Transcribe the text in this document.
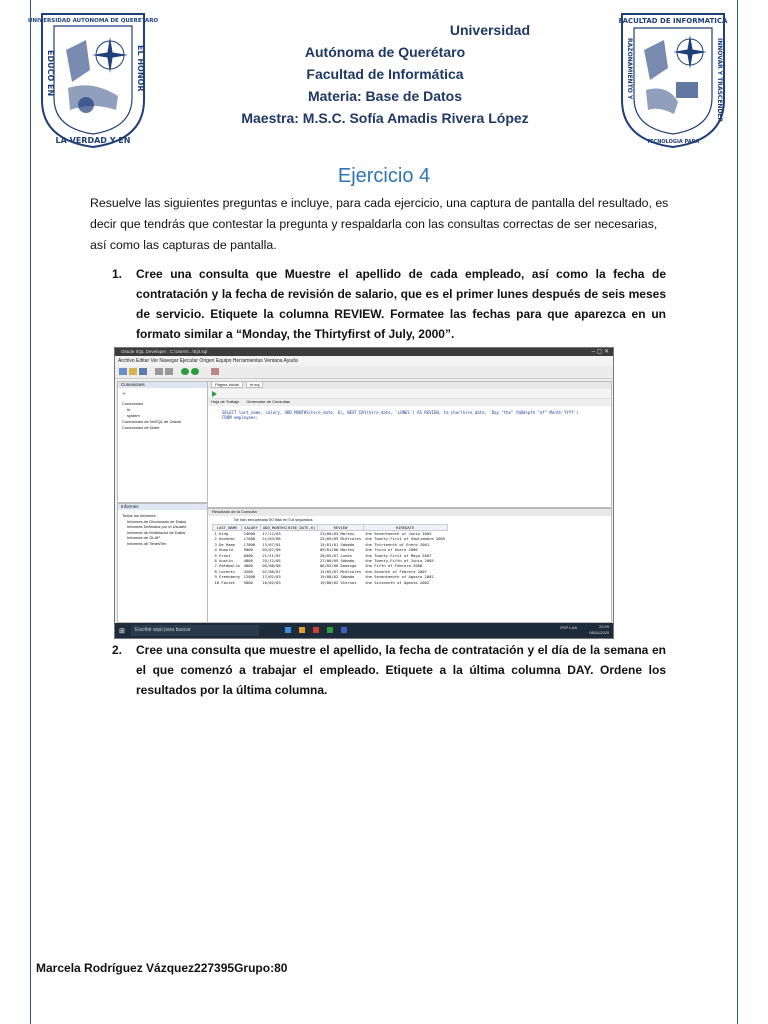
UNIVERSIDAD AUTONOMA DE QUERETARO
EDUCO EN	EL HONOR
LA VERDAD Y EN
FACULTAD DE INFORMATICA
RAZONAMIENTO Y	INNOVAR Y TRASCENDER
TECNOLOGIA PARA
Universidad
Autónoma de Querétaro
Facultad de Informática
Materia: Base de Datos
Maestra: M.S.C. Sofía Amadis Rivera López
Ejercicio 4
Resuelve las siguientes preguntas e incluye, para cada ejercicio, una captura de pantalla del resultado, es decir que tendrás que contestar la pregunta y respaldarla con las consultas correctas de ser necesarias, así como las capturas de pantalla.
1. Cree una consulta que Muestre el apellido de cada empleado, así como la fecha de contratación y la fecha de revisión de salario, que es el primer lunes después de seis meses de servicio. Etiquete la columna REVIEW. Formatee las fechas para que aparezca en un formato similar a “Monday, the Thirtyfirst of July, 2000”.
Oracle SQL Developer : C:\Users\...\Ej4.sql	– ▢ ✕
Archivo Editar Ver Navegar Ejecutar Origen Equipo Herramientas Ventana Ayuda
Conexiones
+
Conexiones
hr
system
Conexiones de NoSQL de Oracle
Conexiones de Nube
Informes
Todos los Informes
Informes de Diccionario de Datos
Informes Definidos por el Usuario
Informes de Modelador de Datos
Informes de OLAP
Informes de TimesTen
Página Inicial	hr.sql
Hoja de Trabajo Generador de Consultas
SELECT last_name, salary, ADD_MONTHS(hire_date, 6), NEXT_DAY(hire_date, 'LUNES') AS REVIEW, to_char(hire_date, 'Day "the" fmDdspth "of" Month YYYY')
FROM employees;
Resultado de la Consulta
Se han recuperado 50 filas en 0.8 segundos
LAST_NAME	SALARY	ADD_MONTHS(HIRE_DATE,6)	REVIEW	HIREDATE
1 King	24000	17/12/03	23/06/03 Martes	the Seventeenth of Junio 2003
2 Kochhar	17000	21/03/06	25/09/05 Miércoles	the Twenty-First of Septiembre 2005
3 De Haan	17000	13/07/01	15/01/01 Sábado	the Thirteenth of Enero 2001
4 Hunold	9000	03/07/06	09/01/06 Martes	the Third of Enero 2006
5 Ernst	6000	21/11/07	28/05/07 Lunes	the Twenty-First of Mayo 2007
6 Austin	4800	25/12/05	27/06/05 Sábado	the Twenty-Fifth of Junio 2005
7 Pataballa	4800	05/08/06	06/02/06 Domingo	the Fifth of Febrero 2006
8 Lorentz	4200	07/08/07	12/02/07 Miércoles	the Seventh of Febrero 2007
9 Greenberg	12008	17/02/03	19/08/02 Sábado	the Seventeenth of Agosto 2002
10 Faviet	9000	16/02/03	19/08/02 Viernes	the Sixteenth of Agosto 2002
⊞ Escribir aquí para buscar	ESP LAA	22:09
08/11/2020
2. Cree una consulta que muestre el apellido, la fecha de contratación y el día de la semana en el que comenzó a trabajar el empleado. Etiquete a la última columna DAY. Ordene los resultados por la última columna.
Marcela Rodríguez Vázquez227395Grupo:80
